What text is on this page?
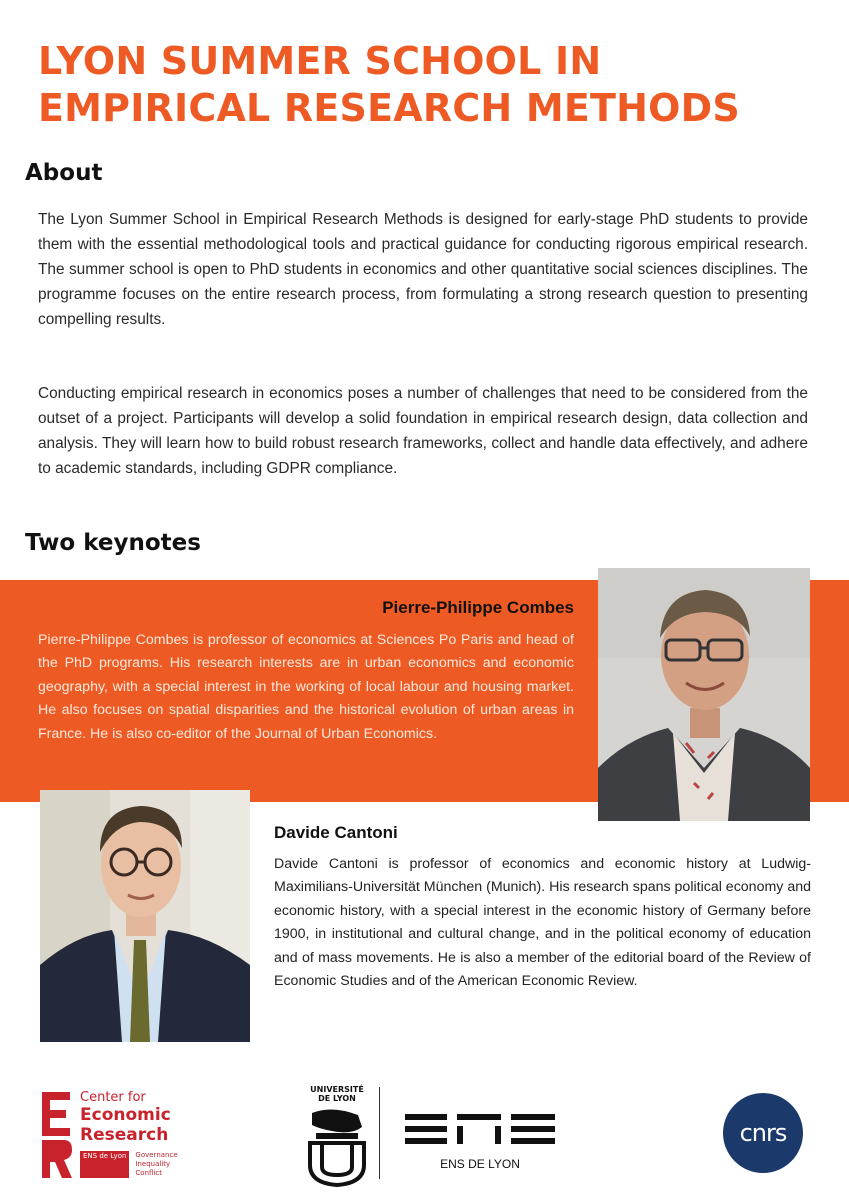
LYON SUMMER SCHOOL IN
EMPIRICAL RESEARCH METHODS
About

The Lyon Summer School in Empirical Research Methods is designed for early-stage PhD students to provide them with the essential methodological tools and practical guidance for conducting rigorous empirical research. The summer school is open to PhD students in economics and other quantitative social sciences disciplines. The programme focuses on the entire research process, from formulating a strong research question to presenting compelling results.

Conducting empirical research in economics poses a number of challenges that need to be considered from the outset of a project. Participants will develop a solid foundation in empirical research design, data collection and analysis. They will learn how to build robust research frameworks, collect and handle data effectively, and adhere to academic standards, including GDPR compliance.

Two keynotes
Pierre-Philippe Combes

Pierre-Philippe Combes is professor of economics at Sciences Po Paris and head of the PhD programs. His research interests are in urban economics and economic geography, with a special interest in the working of local labour and housing market. He also focuses on spatial disparities and the historical evolution of urban areas in France. He is also co-editor of the Journal of Urban Economics.

Davide Cantoni

Davide Cantoni is professor of economics and economic history at Ludwig-Maximilians-Universität München (Munich). His research spans political economy and economic history, with a special interest in the economic history of Germany before 1900, in institutional and cultural change, and in the political economy of education and of mass movements. He is also a member of the editorial board of the Review of Economic Studies and of the American Economic Review.

Center for
Economic
Research
ENS de Lyon	Governance
Inequality
Conflict
UNIVERSITÉ
DE LYON
ENS DE LYON
cnrs
